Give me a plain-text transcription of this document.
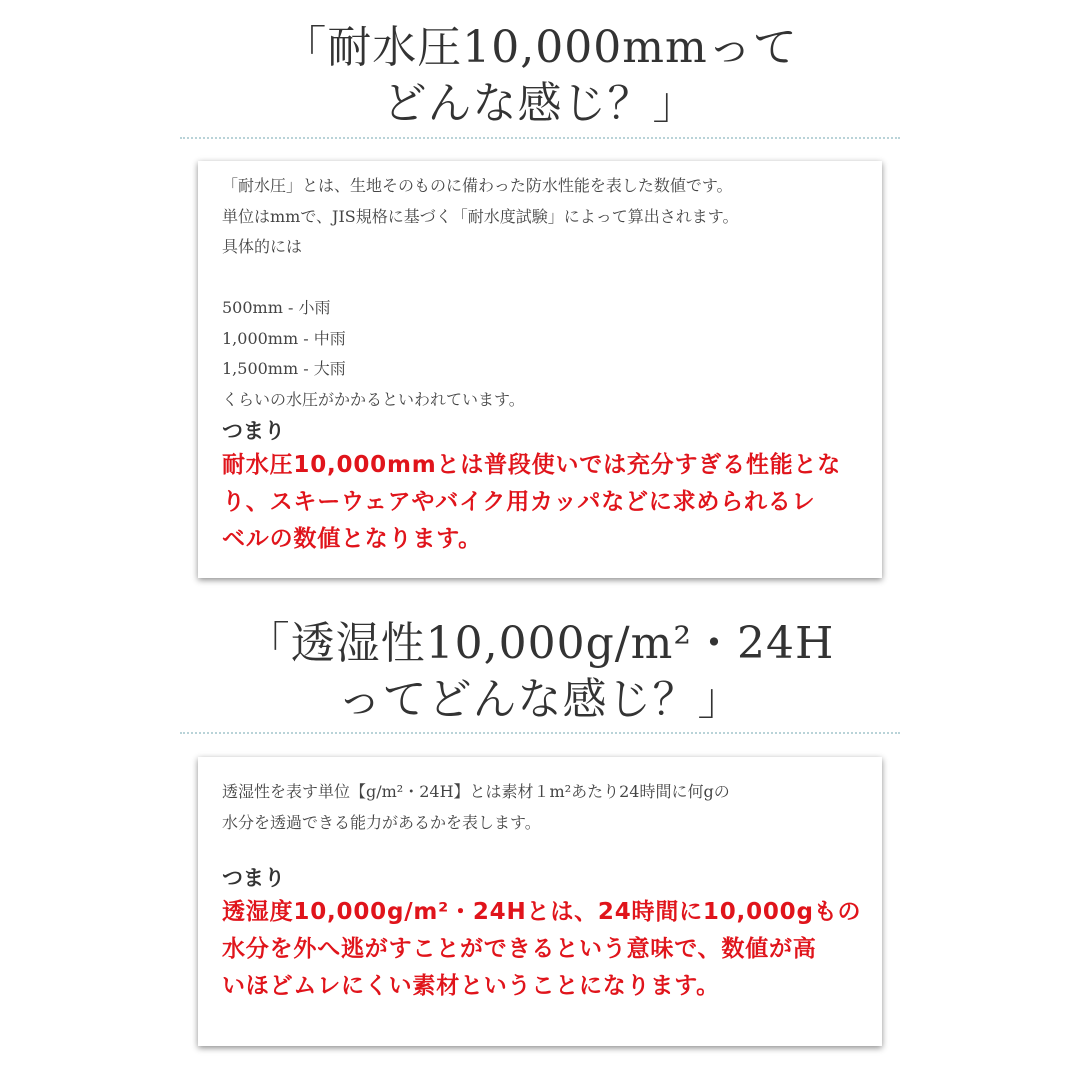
「耐水圧10,000mmって
どんな感じ？」

「耐水圧」とは、生地そのものに備わった防水性能を表した数値です。

単位はmmで、JIS規格に基づく「耐水度試験」によって算出されます。

具体的には

500mm - 小雨

1,000mm - 中雨

1,500mm - 大雨

くらいの水圧がかかるといわれています。

つまり

耐水圧10,000mmとは普段使いでは充分すぎる性能とな
り、スキーウェアやバイク用カッパなどに求められるレ
ベルの数値となります。

「透湿性10,000g/m²・24H
ってどんな感じ？」

透湿性を表す単位【g/m²・24H】とは素材１m²あたり24時間に何gの

水分を透過できる能力があるかを表します。

つまり

透湿度10,000g/m²・24Hとは、24時間に10,000gもの
水分を外へ逃がすことができるという意味で、数値が高
いほどムレにくい素材ということになります。
